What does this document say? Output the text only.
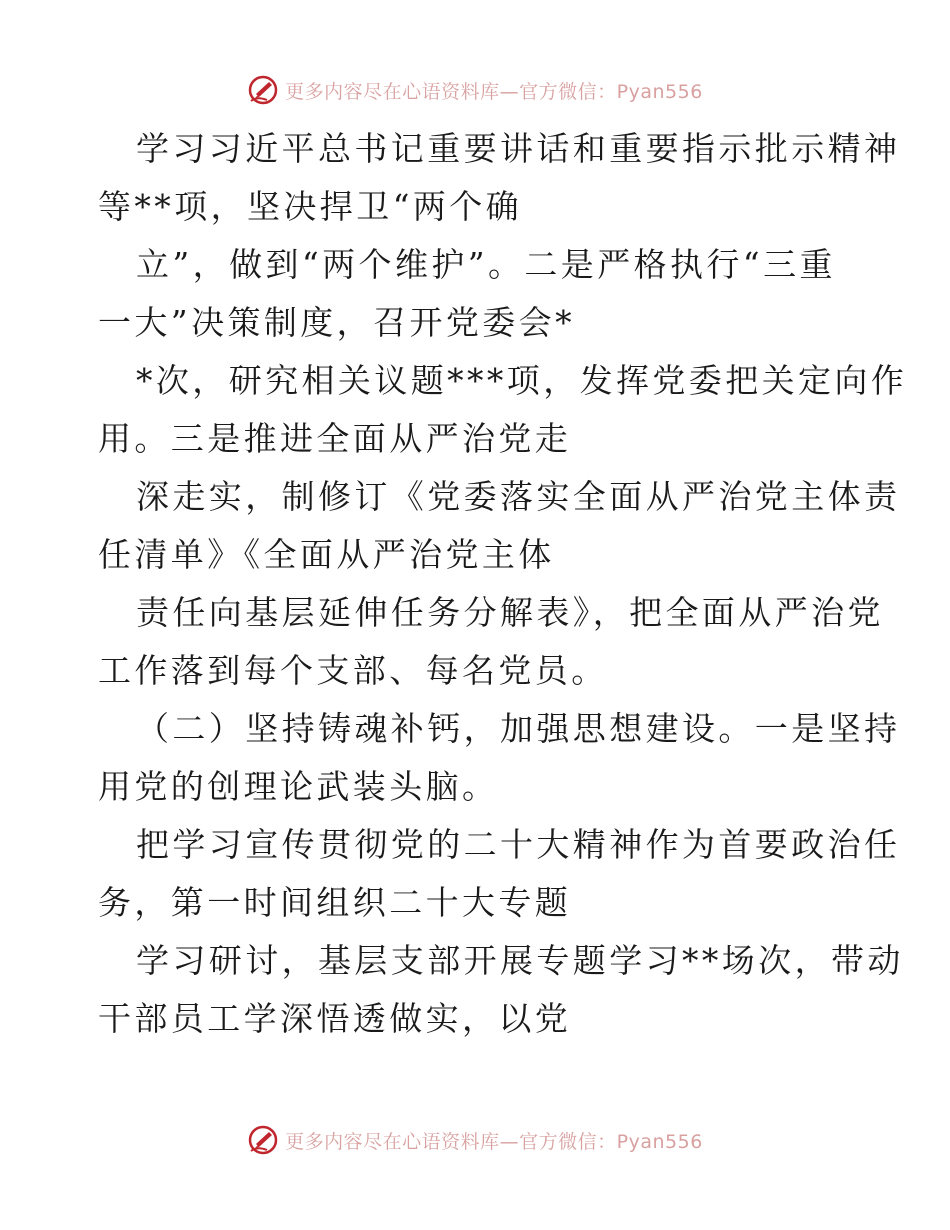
更多内容尽在心语资料库—官方微信：Pyan556
学习习近平总书记重要讲话和重要指示批示精神
等**项，坚决捍卫“两个确
立”，做到“两个维护”。二是严格执行“三重
一大”决策制度，召开党委会*
*次，研究相关议题***项，发挥党委把关定向作
用。三是推进全面从严治党走
深走实，制修订《党委落实全面从严治党主体责
任清单》《全面从严治党主体
责任向基层延伸任务分解表》，把全面从严治党
工作落到每个支部、每名党员。
（二）坚持铸魂补钙，加强思想建设。一是坚持
用党的创理论武装头脑。
把学习宣传贯彻党的二十大精神作为首要政治任
务，第一时间组织二十大专题
学习研讨，基层支部开展专题学习**场次，带动
干部员工学深悟透做实，以党
更多内容尽在心语资料库—官方微信：Pyan556
